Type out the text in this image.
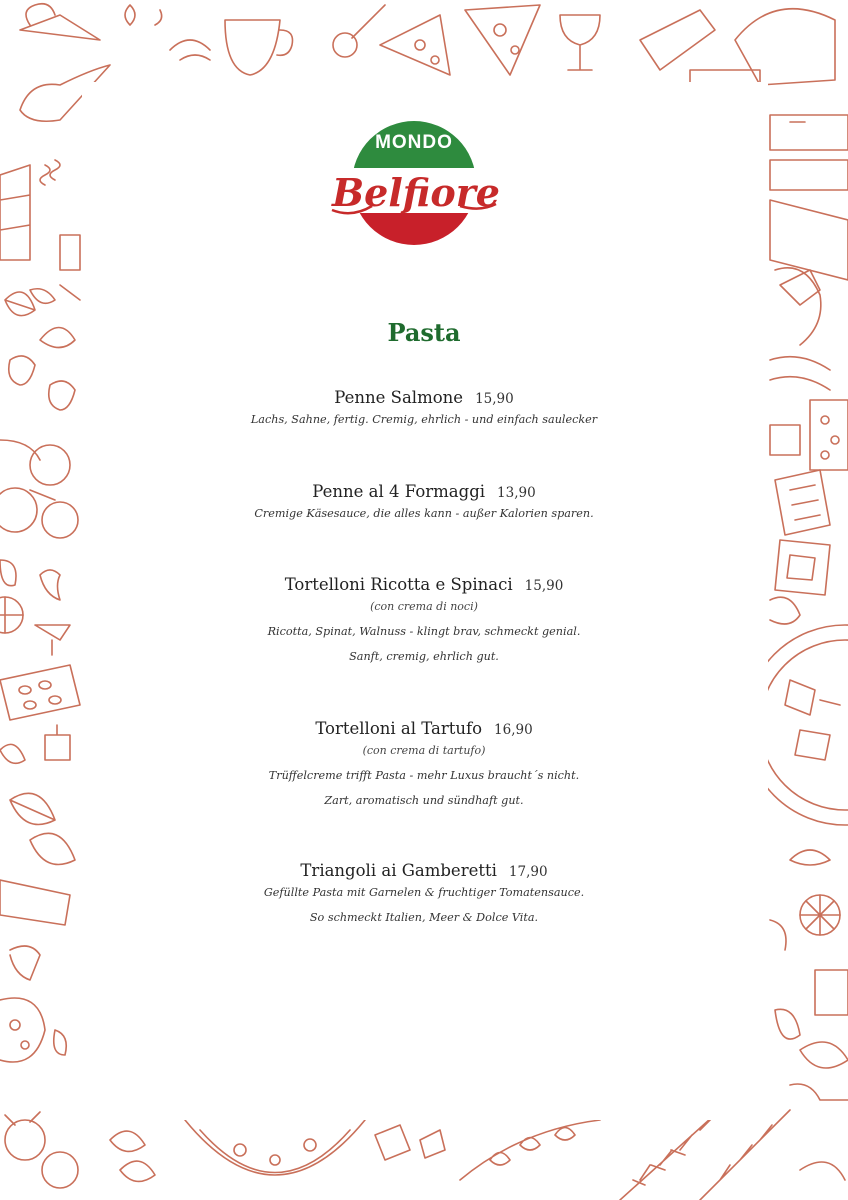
MONDO
Belfiore
Pasta
Penne Salmone 15,90
Lachs, Sahne, fertig. Cremig, ehrlich - und einfach saulecker
Penne al 4 Formaggi 13,90
Cremige Käsesauce, die alles kann - außer Kalorien sparen.
Tortelloni Ricotta e Spinaci 15,90
(con crema di noci)
Ricotta, Spinat, Walnuss - klingt brav, schmeckt genial.
Sanft, cremig, ehrlich gut.
Tortelloni al Tartufo 16,90
(con crema di tartufo)
Trüffelcreme trifft Pasta - mehr Luxus braucht´s nicht.
Zart, aromatisch und sündhaft gut.
Triangoli ai Gamberetti 17,90
Gefüllte Pasta mit Garnelen & fruchtiger Tomatensauce.
So schmeckt Italien, Meer & Dolce Vita.
